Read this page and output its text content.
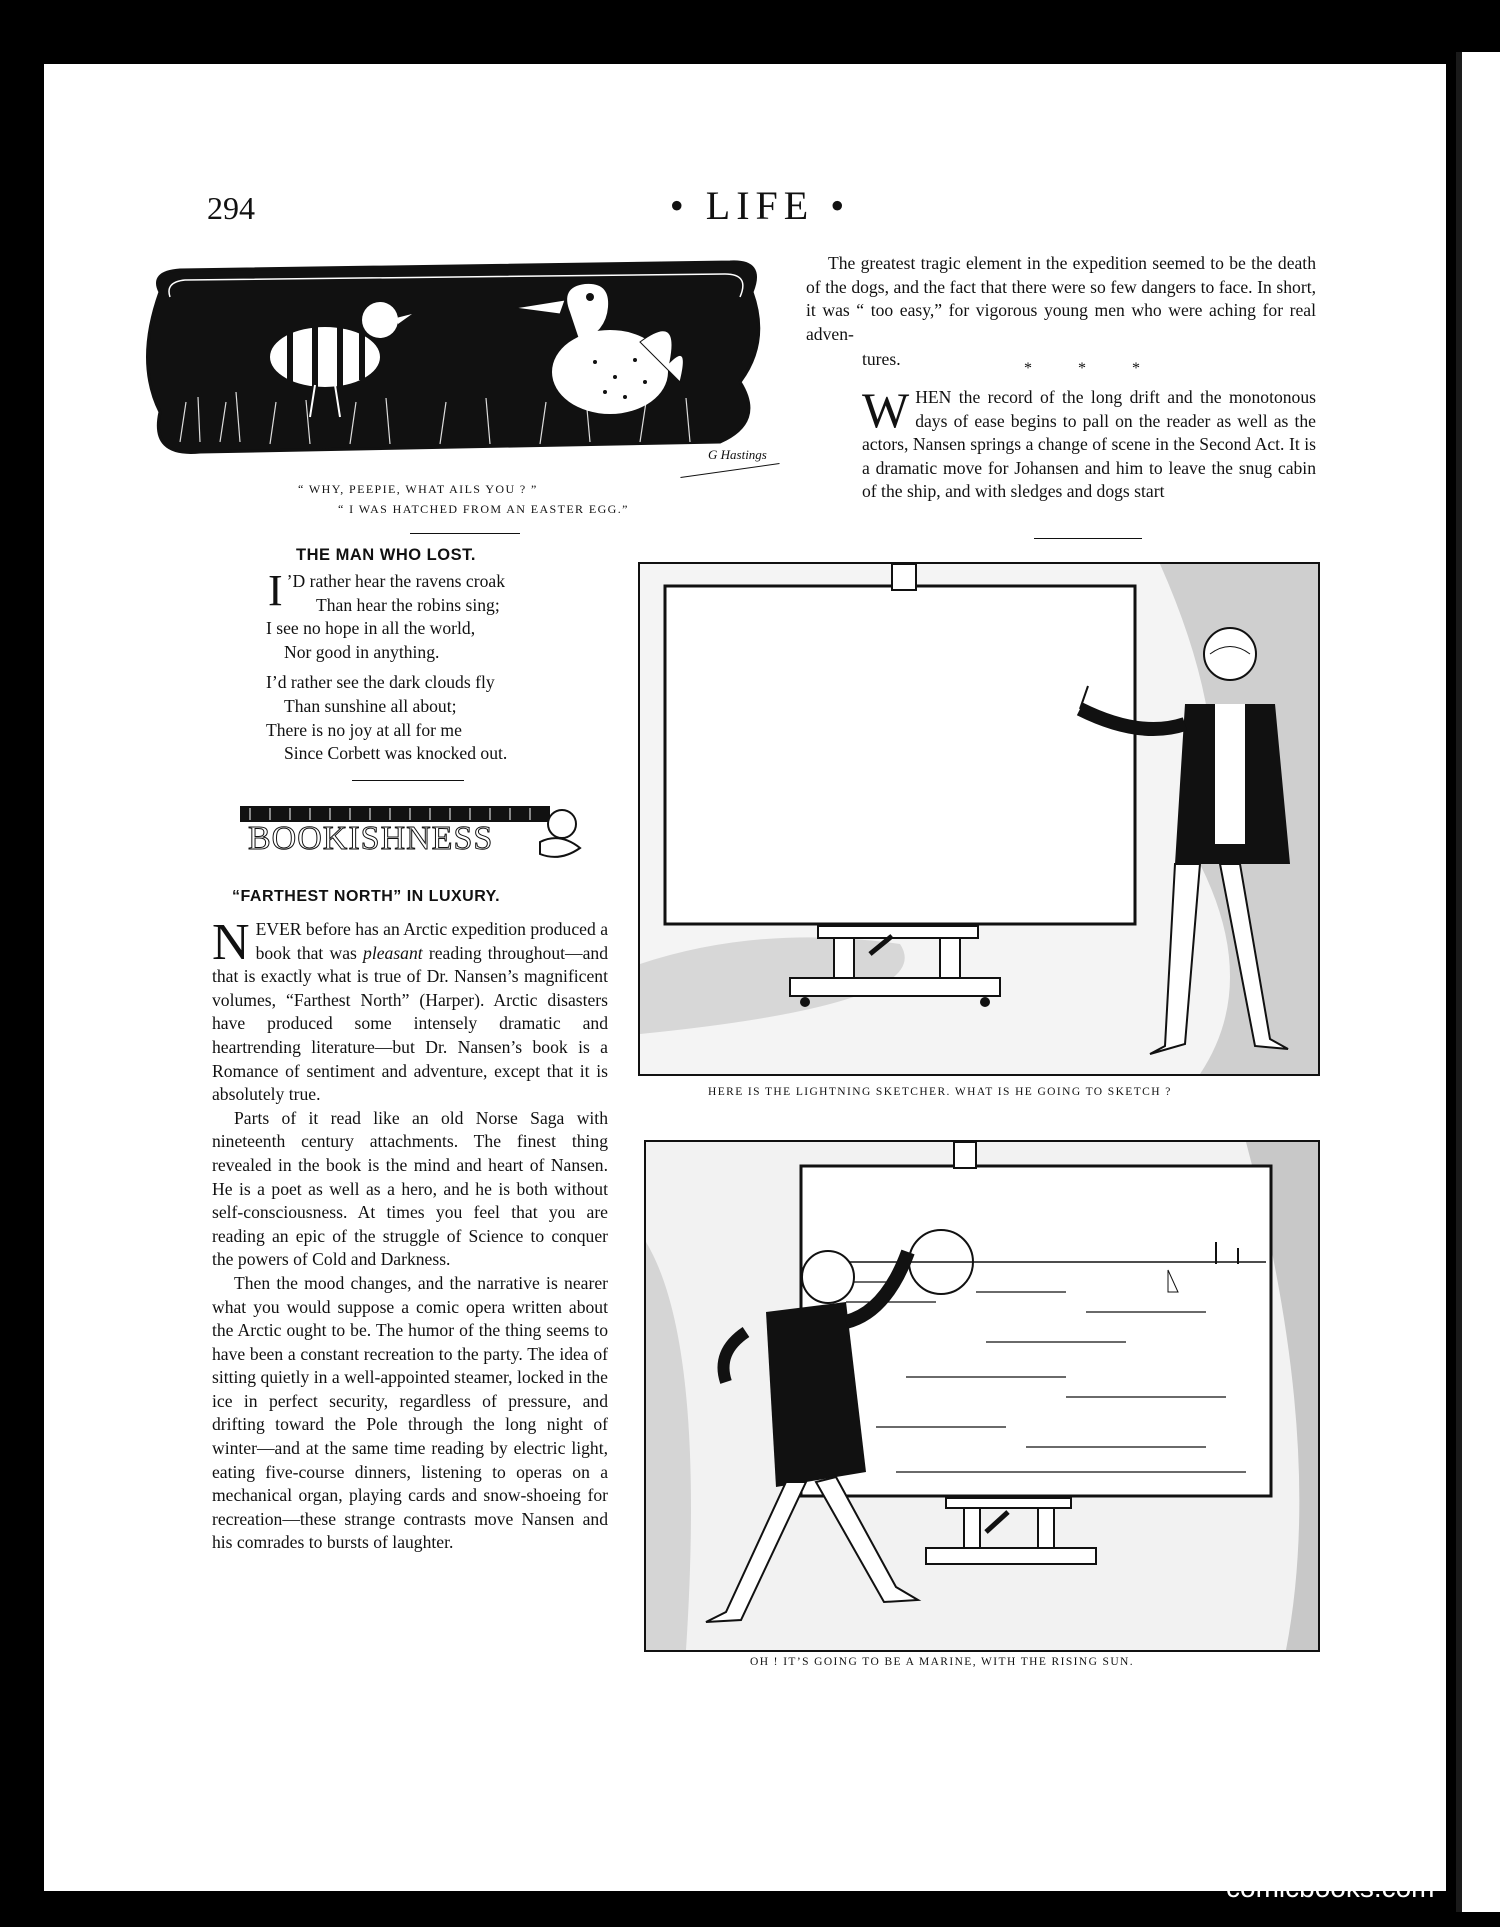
294	• LIFE •
G Hastings
“ WHY, PEEPIE, WHAT AILS YOU ? ”
“ I WAS HATCHED FROM AN EASTER EGG.”

The greatest tragic element in the expedition seemed to be the death of the dogs, and the fact that there were so few dangers to face. In short, it was “ too easy,” for vigorous young men who were aching for real adven-

tures.	* * *
W HEN the record of the long drift and the monotonous days of ease begins to pall on the reader as well as the actors, Nansen springs a change of scene in the Second Act. It is a dramatic move for Johansen and him to leave the snug cabin of the ship, and with sledges and dogs start
THE MAN WHO LOST.
I ’D rather hear the ravens croak
Than hear the robins sing;
I see no hope in all the world,
Nor good in anything.
I’d rather see the dark clouds fly
Than sunshine all about;
There is no joy at all for me
Since Corbett was knocked out.
BOOKISHNESS
“FARTHEST NORTH” IN LUXURY.

N EVER before has an Arctic expedition produced a book that was pleasant reading throughout—and that is exactly what is true of Dr. Nansen’s magnificent volumes, “Farthest North” (Harper). Arctic disasters have produced some intensely dramatic and heartrending literature—but Dr. Nansen’s book is a Romance of sentiment and adventure, except that it is absolutely true.

Parts of it read like an old Norse Saga with nineteenth century attachments. The finest thing revealed in the book is the mind and heart of Nansen. He is a poet as well as a hero, and he is both without self-consciousness. At times you feel that you are reading an epic of the struggle of Science to conquer the powers of Cold and Darkness.

Then the mood changes, and the narrative is nearer what you would suppose a comic opera written about the Arctic ought to be. The humor of the thing seems to have been a constant recreation to the party. The idea of sitting quietly in a well-appointed steamer, locked in the ice in perfect security, regardless of pressure, and drifting toward the Pole through the long night of winter—and at the same time reading by electric light, eating five-course dinners, listening to operas on a mechanical organ, playing cards and snow-shoeing for recreation—these strange contrasts move Nansen and his comrades to bursts of laughter.

HERE IS THE LIGHTNING SKETCHER. WHAT IS HE GOING TO SKETCH ?
OH ! IT’S GOING TO BE A MARINE, WITH THE RISING SUN.
comicbooks.com
